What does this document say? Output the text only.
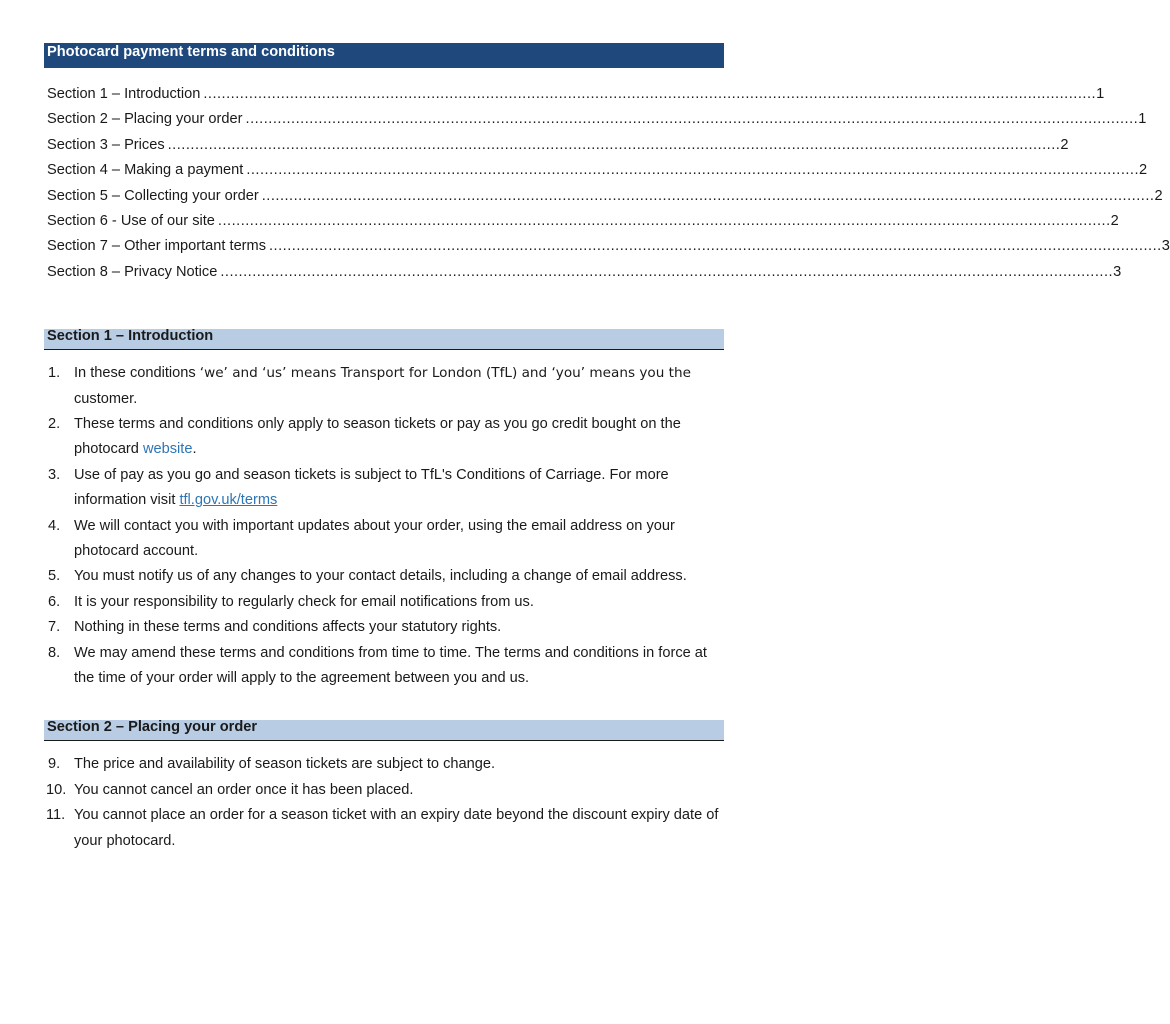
Photocard payment terms and conditions
Section 1 – Introduction .................................................................................................................................................................................................... 1
Section 2 – Placing your order .................................................................................................................................................................................................... 1
Section 3 – Prices .................................................................................................................................................................................................... 2
Section 4 – Making a payment .................................................................................................................................................................................................... 2
Section 5 – Collecting your order .................................................................................................................................................................................................... 2
Section 6 - Use of our site .................................................................................................................................................................................................... 2
Section 7 – Other important terms .................................................................................................................................................................................................... 3
Section 8 – Privacy Notice .................................................................................................................................................................................................... 3
Section 1 – Introduction
1. In these conditions ‘we’ and ‘us’ means Transport for London (TfL) and ‘you’ means you the
customer.
2. These terms and conditions only apply to season tickets or pay as you go credit bought on the photocard website.
3. Use of pay as you go and season tickets is subject to TfL's Conditions of Carriage. For more information visit tfl.gov.uk/terms
4. We will contact you with important updates about your order, using the email address on your photocard account.
5. You must notify us of any changes to your contact details, including a change of email address.
6. It is your responsibility to regularly check for email notifications from us.
7. Nothing in these terms and conditions affects your statutory rights.
8. We may amend these terms and conditions from time to time. The terms and conditions in force at the time of your order will apply to the agreement between you and us.
Section 2 – Placing your order
9. The price and availability of season tickets are subject to change.
10. You cannot cancel an order once it has been placed.
11. You cannot place an order for a season ticket with an expiry date beyond the discount expiry date of your photocard.
